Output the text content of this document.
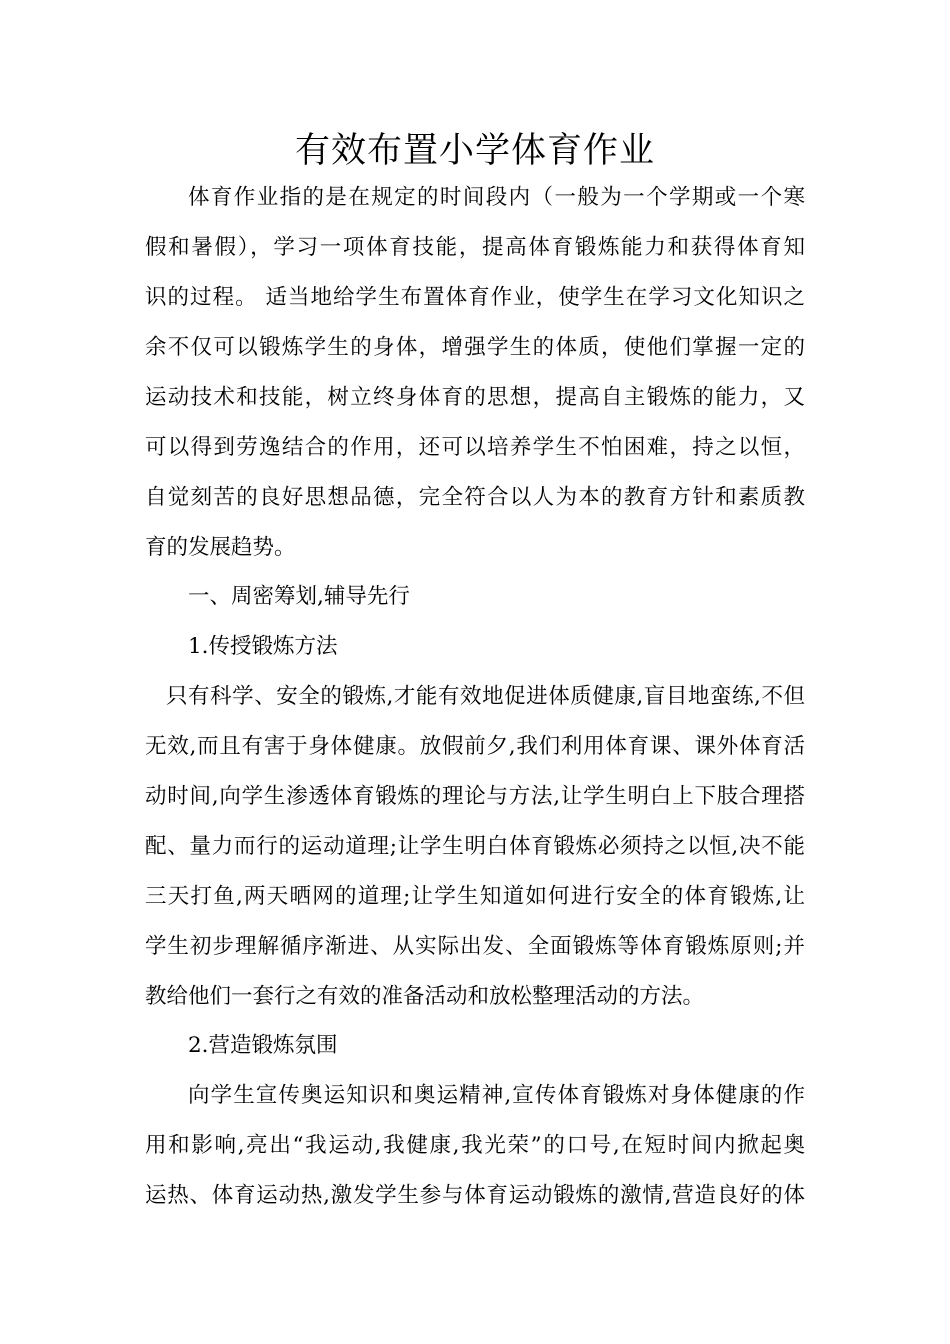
有效布置小学体育作业
体育作业指的是在规定的时间段内（一般为一个学期或一个寒
假和暑假），学习一项体育技能，提高体育锻炼能力和获得体育知
识的过程。 适当地给学生布置体育作业，使学生在学习文化知识之
余不仅可以锻炼学生的身体，增强学生的体质，使他们掌握一定的
运动技术和技能，树立终身体育的思想，提高自主锻炼的能力，又
可以得到劳逸结合的作用，还可以培养学生不怕困难，持之以恒，
自觉刻苦的良好思想品德，完全符合以人为本的教育方针和素质教
育的发展趋势。
一、周密筹划,辅导先行
1.传授锻炼方法
只有科学、安全的锻炼,才能有效地促进体质健康,盲目地蛮练,不但
无效,而且有害于身体健康。放假前夕,我们利用体育课、课外体育活
动时间,向学生渗透体育锻炼的理论与方法,让学生明白上下肢合理搭
配、量力而行的运动道理;让学生明白体育锻炼必须持之以恒,决不能
三天打鱼,两天晒网的道理;让学生知道如何进行安全的体育锻炼,让
学生初步理解循序渐进、从实际出发、全面锻炼等体育锻炼原则;并
教给他们一套行之有效的准备活动和放松整理活动的方法。
2.营造锻炼氛围
向学生宣传奥运知识和奥运精神,宣传体育锻炼对身体健康的作
用和影响,亮出“我运动,我健康,我光荣”的口号,在短时间内掀起奥
运热、体育运动热,激发学生参与体育运动锻炼的激情,营造良好的体
